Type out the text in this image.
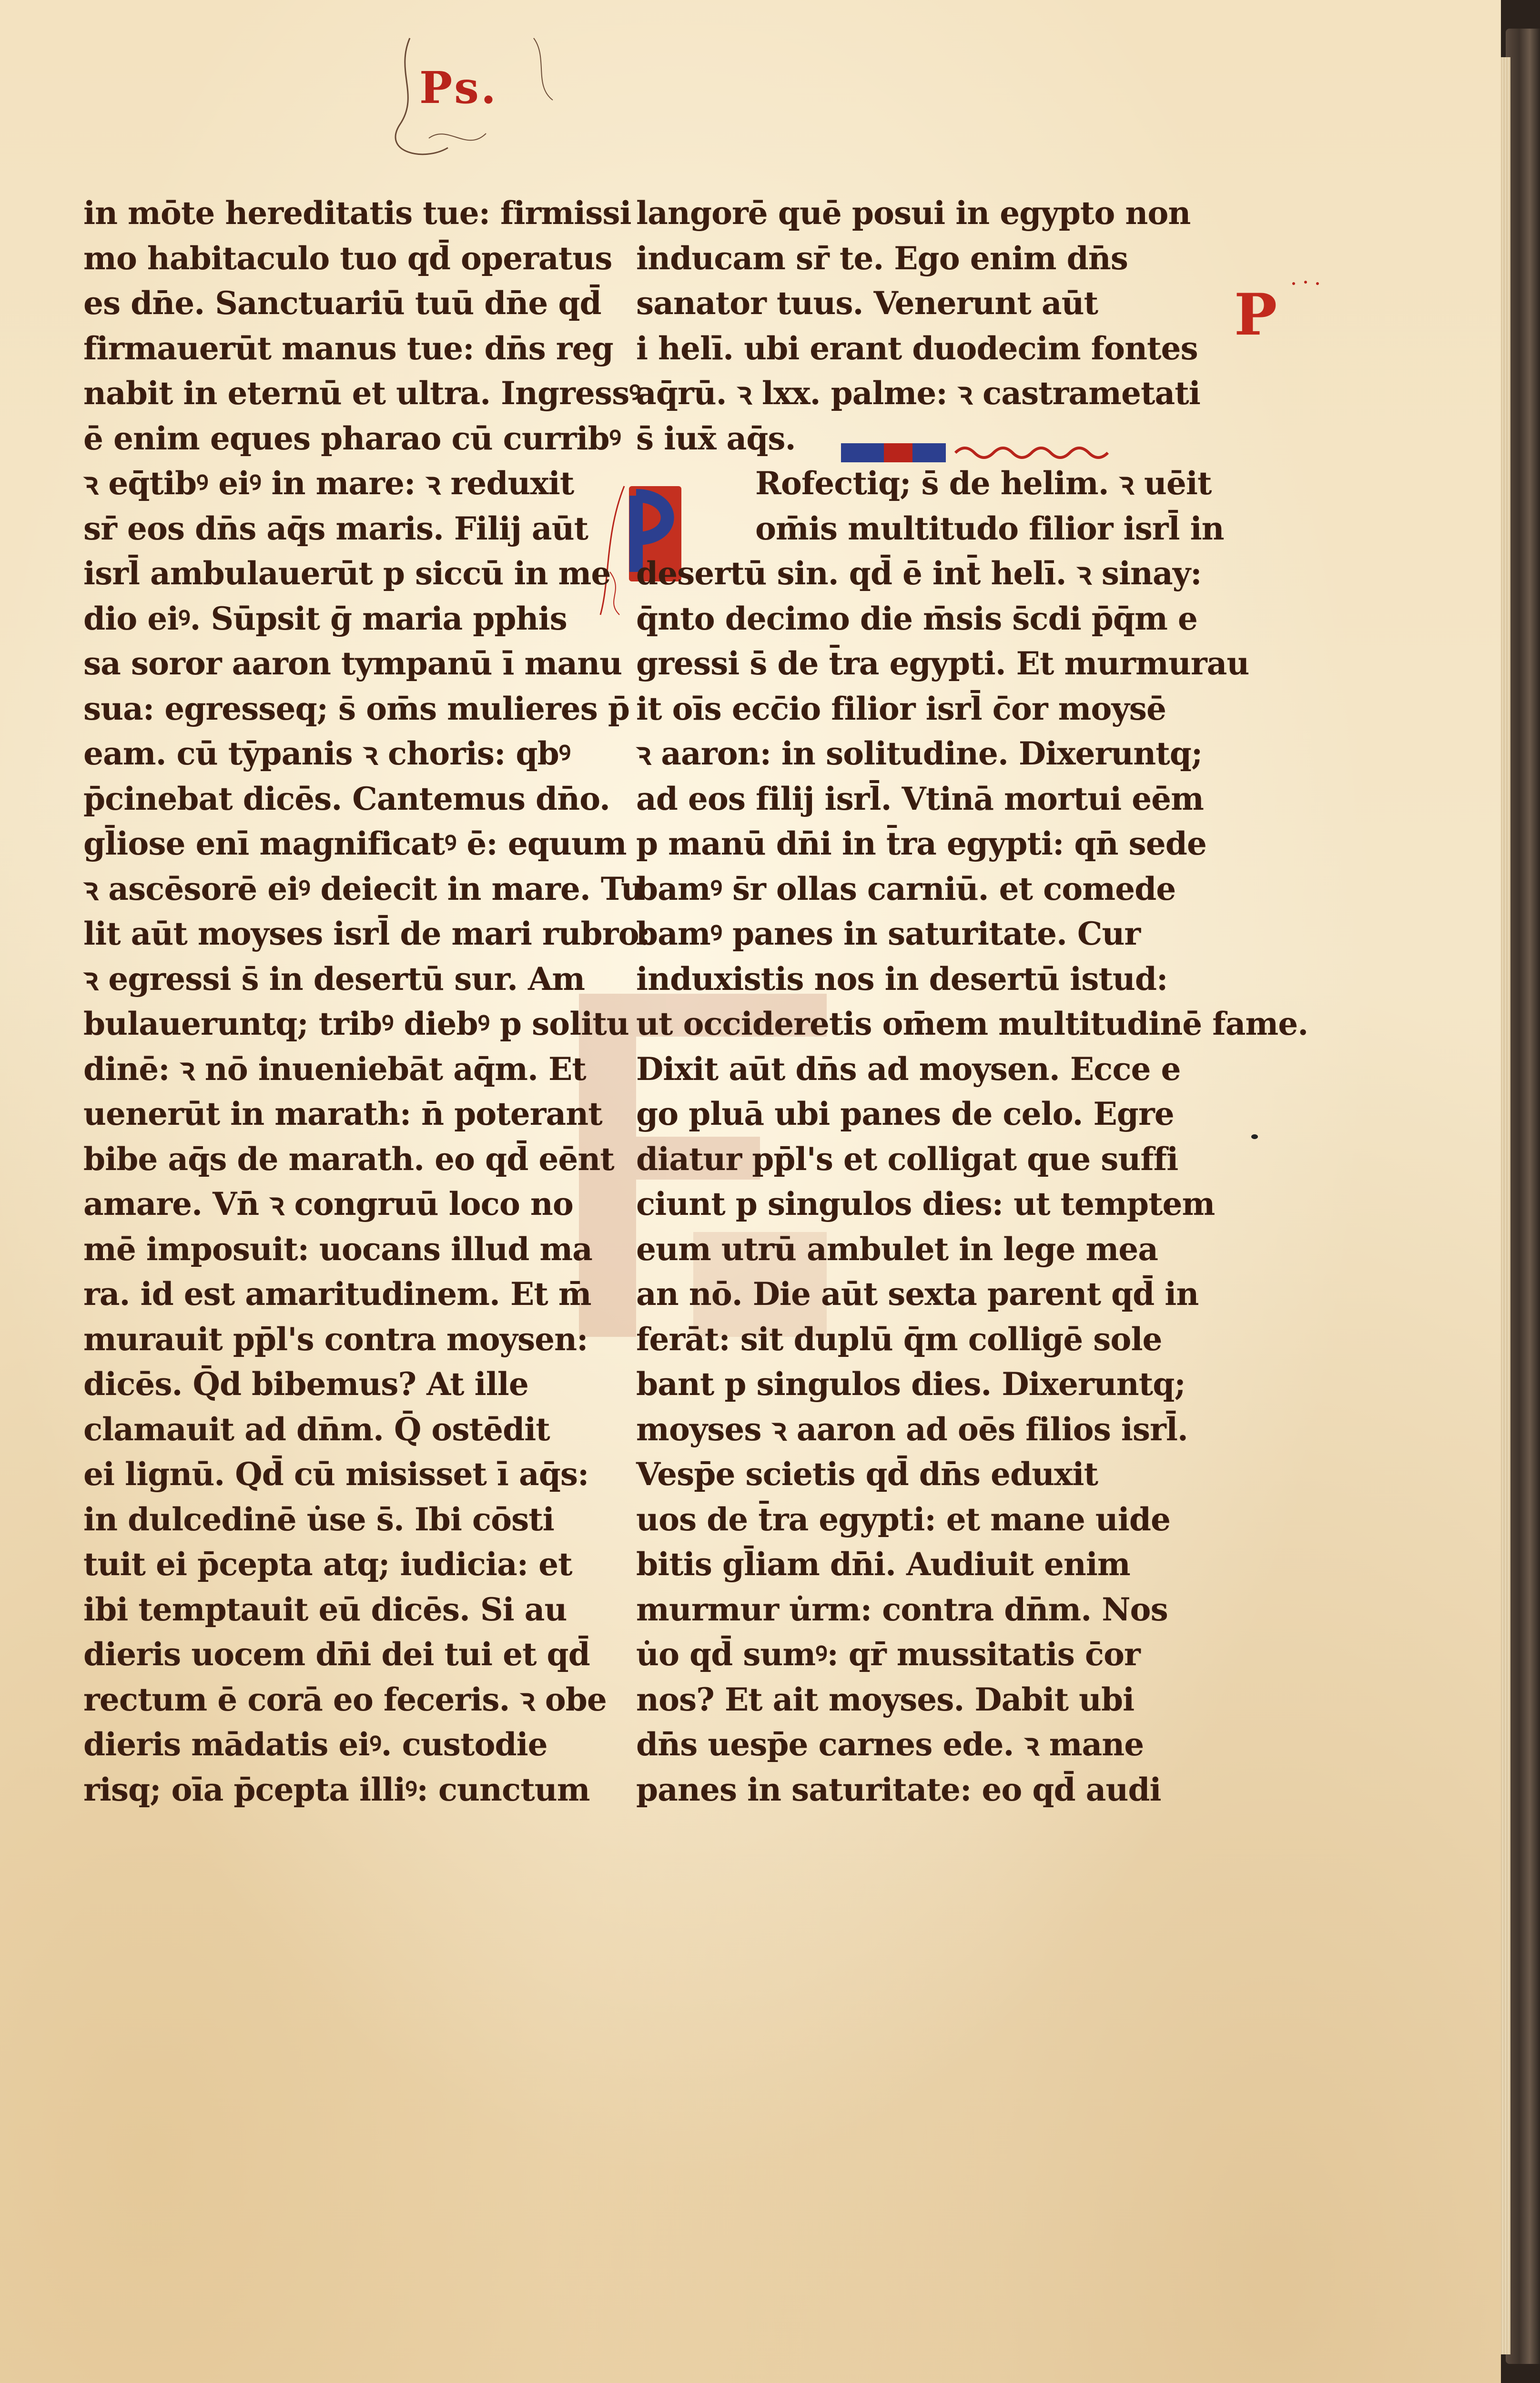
Ps.
P
in mōte hereditatis tue: firmissi
mo habitaculo tuo qd̄ operatus
es dn̄e. Sanctuariū tuū dn̄e qd̄
firmauerūt manus tue: dn̄s reg
nabit in eternū et ultra. Ingressꝰ
ē enim eques pharao cū curribꝰ
ꝛ eq̄tibꝰ eiꝰ in mare: ꝛ reduxit
sr̄ eos dn̄s aq̄s maris. Filij aūt
isrl̄ ambulauerūt p siccū in me
dio eiꝰ. Sūpsit ḡ maria pphis
sa soror aaron tympanū ī manu
sua: egresseq; s̄ om̄s mulieres p̄
eam. cū tȳpanis ꝛ choris: qbꝰ
p̄cinebat dicēs. Cantemus dn̄o.
gl̄iose enī magnificatꝰ ē: equum
ꝛ ascēsorē eiꝰ deiecit in mare. Tu
lit aūt moyses isrl̄ de mari rubro:
ꝛ egressi s̄ in desertū sur. Am
bulaueruntq; tribꝰ diebꝰ p solitu
dinē: ꝛ nō inueniebāt aq̄m. Et
uenerūt in marath: n̄ poterant
bibe aq̄s de marath. eo qd̄ eēnt
amare. Vn̄ ꝛ congruū loco no
mē imposuit: uocans illud ma
ra. id est amaritudinem. Et m̄
murauit pp̄l's contra moysen:
dicēs. Q̄d bibemus? At ille
clamauit ad dn̄m. Q̄ ostēdit
ei lignū. Qd̄ cū misisset ī aq̄s:
in dulcedinē u̇se s̄. Ibi cōsti
tuit ei p̄cepta atq; iudicia: et
ibi temptauit eū dicēs. Si au
dieris uocem dn̄i dei tui et qd̄
rectum ē corā eo feceris. ꝛ obe
dieris mādatis eiꝰ. custodie
risq; oīa p̄cepta illiꝰ: cunctum
langorē quē posui in egypto non
inducam sr̄ te. Ego enim dn̄s
sanator tuus. Venerunt aūt
i helī. ubi erant duodecim fontes
aq̄rū. ꝛ lxx. palme: ꝛ castrametati
s̄ iux̄ aq̄s.
Rofectiq; s̄ de helim. ꝛ uēit
om̄is multitudo filior isrl̄ in
desertū sin. qd̄ ē int̄ helī. ꝛ sinay:
q̄nto decimo die m̄sis s̄cdi p̄q̄m e
gressi s̄ de t̄ra egypti. Et murmurau
it oīs ecc̄io filior isrl̄ c̄or moysē
ꝛ aaron: in solitudine. Dixeruntq;
ad eos filij isrl̄. Vtinā mortui eēm
p manū dn̄i in t̄ra egypti: qn̄ sede
bamꝰ s̄r ollas carniū. et comede
bamꝰ panes in saturitate. Cur
induxistis nos in desertū istud:
ut occideretis om̄em multitudinē fame.
Dixit aūt dn̄s ad moysen. Ecce e
go pluā ubi panes de celo. Egre
diatur pp̄l's et colligat que suffi
ciunt p singulos dies: ut temptem
eum utrū ambulet in lege mea
an nō. Die aūt sexta parent qd̄ in
ferāt: sit duplū q̄m colligē sole
bant p singulos dies. Dixeruntq;
moyses ꝛ aaron ad oēs filios isrl̄.
Vesp̄e scietis qd̄ dn̄s eduxit
uos de t̄ra egypti: et mane uide
bitis gl̄iam dn̄i. Audiuit enim
murmur u̇rm: contra dn̄m. Nos
u̇o qd̄ sumꝰ: qr̄ mussitatis c̄or
nos? Et ait moyses. Dabit ubi
dn̄s uesp̄e carnes ede. ꝛ mane
panes in saturitate: eo qd̄ audi
